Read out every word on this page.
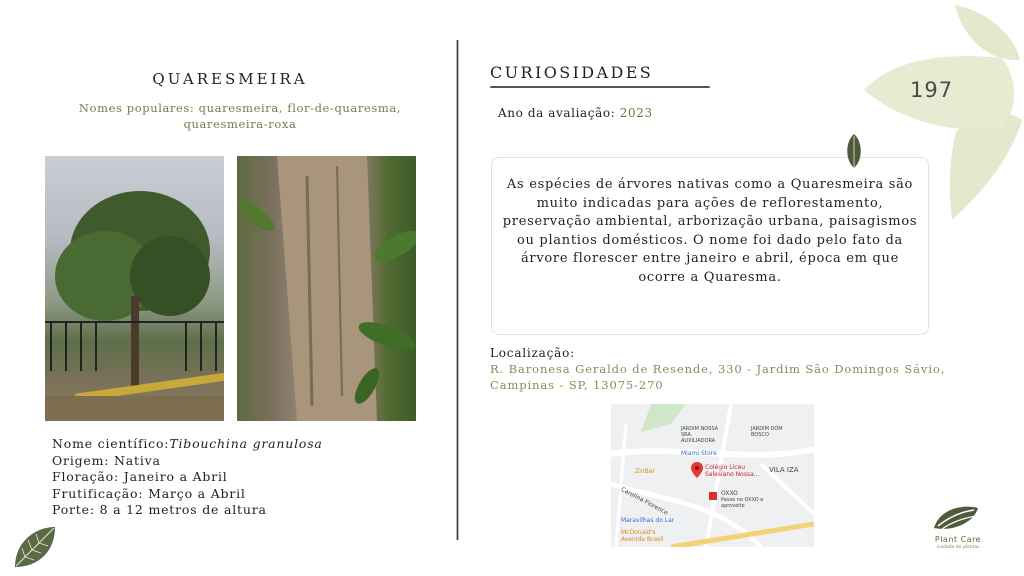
197
QUARESMEIRA
Nomes populares: quaresmeira, flor-de-quaresma, quaresmeira-roxa
Nome científico:Tibouchina granulosa
Origem: Nativa
Floração: Janeiro a Abril
Frutificação: Março a Abril
Porte: 8 a 12 metros de altura
CURIOSIDADES
Ano da avaliação: 2023
As espécies de árvores nativas como a Quaresmeira são muito indicadas para ações de reflorestamento, preservação ambiental, arborização urbana, paisagismos ou plantios domésticos. O nome foi dado pelo fato da árvore florescer entre janeiro e abril, época em que ocorre a Quaresma.
Localização:
R. Baronesa Geraldo de Resende, 330 - Jardim São Domingos Sávio, Campinas - SP, 13075-270
JARDIM NOSSA SRA. AUXILIADORA
JARDIM DOM BOSCO
Miami Store
ZinBar
Colégio Liceu Salesiano Nossa...
VILA IZA
Carolina Florence	OXXO
Passe no OXXO e aproveite
Maravilhas do Lar
McDonald's Avenida Brasil	Plant Care
cuidado de plantas
